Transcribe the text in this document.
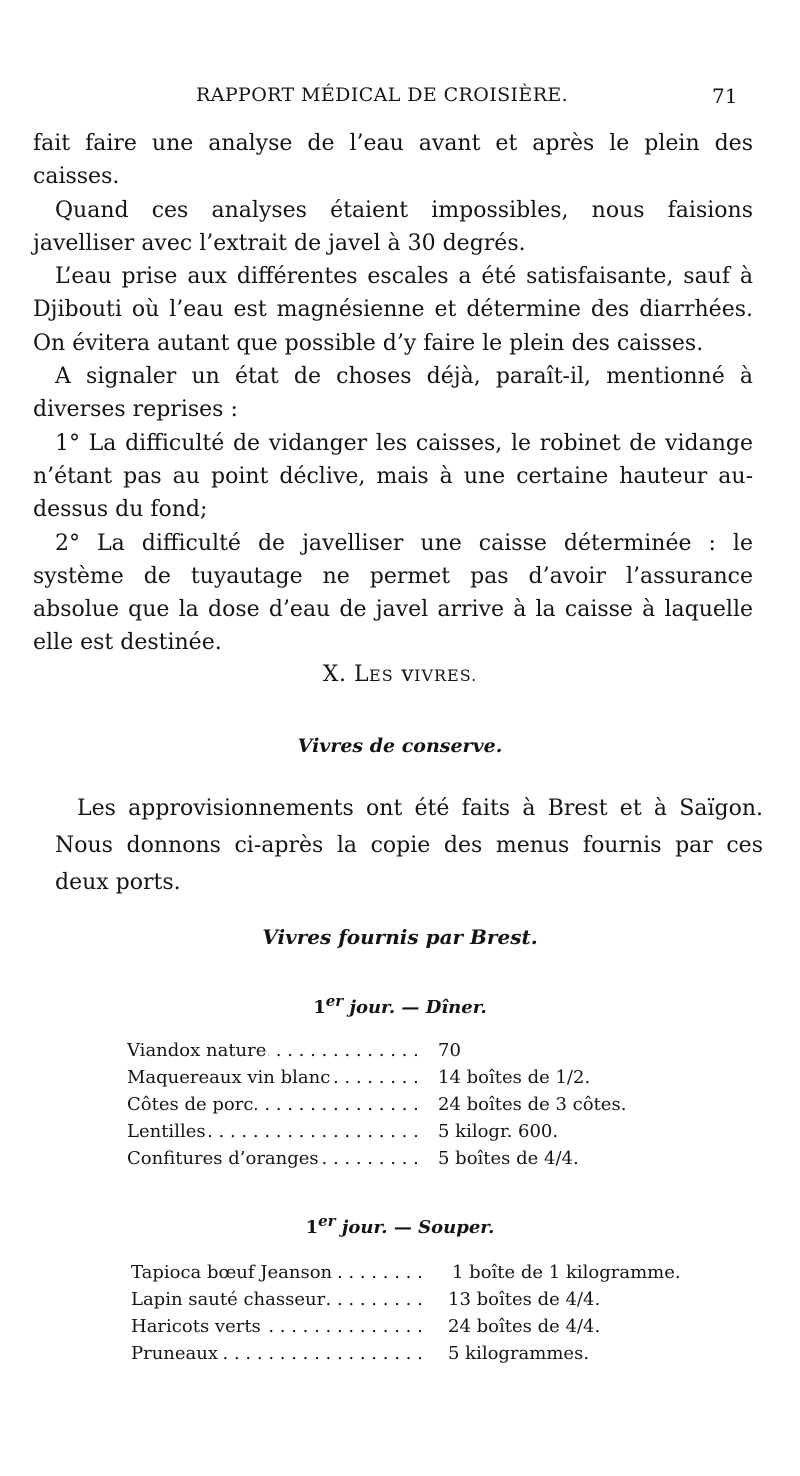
RAPPORT MÉDICAL DE CROISIÈRE.	71

fait faire une analyse de l’eau avant et après le plein des caisses.

Quand ces analyses étaient impossibles, nous faisions javelliser avec l’extrait de javel à 30 degrés.

L’eau prise aux différentes escales a été satisfaisante, sauf à Djibouti où l’eau est magnésienne et détermine des diarrhées. On évitera autant que possible d’y faire le plein des caisses.

A signaler un état de choses déjà, paraît-il, mentionné à diverses reprises :

1° La difficulté de vidanger les caisses, le robinet de vidange n’étant pas au point déclive, mais à une certaine hauteur au-dessus du fond;

2° La difficulté de javelliser une caisse déterminée : le système de tuyautage ne permet pas d’avoir l’assurance absolue que la dose d’eau de javel arrive à la caisse à laquelle elle est destinée.

X. LES vIVRES.
Vivres de conserve.

Les approvisionnements ont été faits à Brest et à Saïgon. Nous donnons ci-après la copie des menus fournis par ces deux ports.

Vivres fournis par Brest.
1er jour. — Dîner.
Viandox nature . . .	70
Maquereaux vin blanc . . .	14 boîtes de 1/2.
Côtes de porc . . .	24 boîtes de 3 côtes.
Lentilles . . .	5 kilogr. 600.
Confitures d’oranges . . .	5 boîtes de 4/4.
1er jour. — Souper.
Tapioca bœuf Jeanson . . .	1 boîte de 1 kilogramme.
Lapin sauté chasseur . . .	13 boîtes de 4/4.
Haricots verts . . .	24 boîtes de 4/4.
Pruneaux . . .	5 kilogrammes.
